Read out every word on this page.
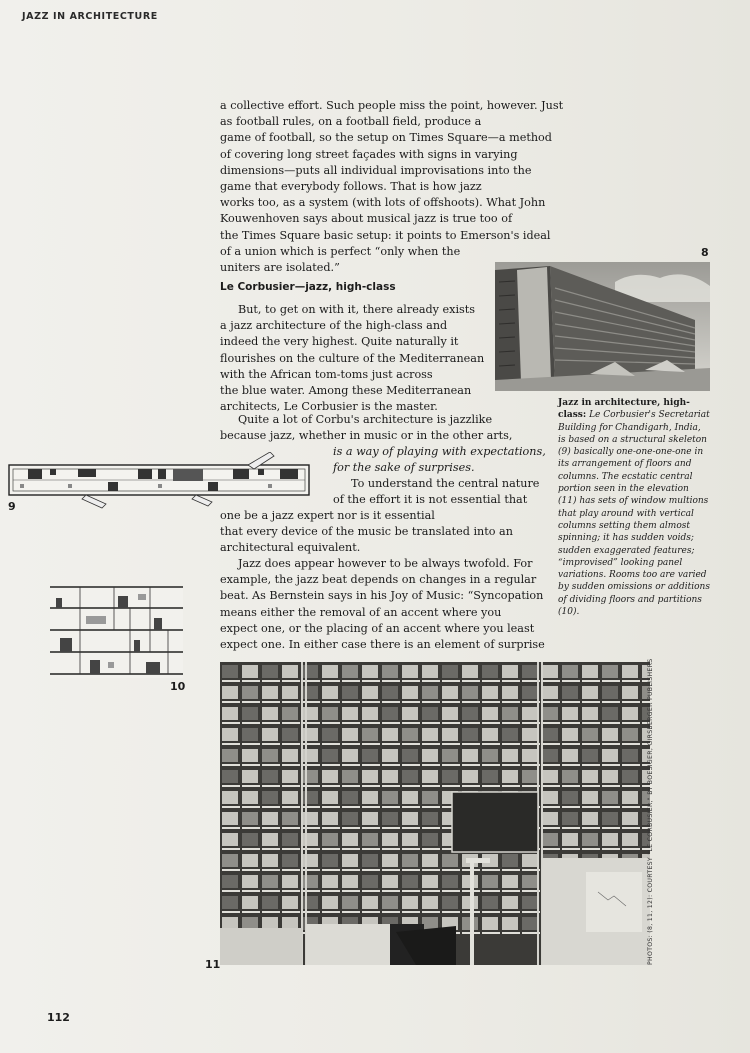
JAZZ IN ARCHITECTURE
a collective effort. Such people miss the point, however. Just
as football rules, on a football field, produce a
game of football, so the setup on Times Square—a method
of covering long street façades with signs in varying
dimensions—puts all individual improvisations into the
game that everybody follows. That is how jazz
works too, as a system (with lots of offshoots). What John
Kouwenhoven says about musical jazz is true too of
the Times Square basic setup: it points to Emerson's ideal
of a union which is perfect “only when the
uniters are isolated.”
Le Corbusier—jazz, high-class
But, to get on with it, there already exists
a jazz architecture of the high-class and
indeed the very highest. Quite naturally it
flourishes on the culture of the Mediterranean
with the African tom-toms just across
the blue water. Among these Mediterranean
architects, Le Corbusier is the master.
Quite a lot of Corbu's architecture is jazzlike
because jazz, whether in music or in the other arts,
is a way of playing with expectations,
for the sake of surprises.
To understand the central nature
of the effort it is not essential that
one be a jazz expert nor is it essential
that every device of the music be translated into an
architectural equivalent.
Jazz does appear however to be always twofold. For
example, the jazz beat depends on changes in a regular
beat. As Bernstein says in his Joy of Music: “Syncopation
means either the removal of an accent where you
expect one, or the placing of an accent where you least
expect one. In either case there is an element of surprise
8
9
10
Jazz in architecture, high-class: Le Corbusier's Secretariat Building for Chandigarh, India, is based on a structural skeleton (9) basically one-one-one-one in its arrangement of floors and columns. The ecstatic central portion seen in the elevation (11) has sets of window multions that play around with vertical columns setting them almost spinning; it has sudden voids; sudden exaggerated features; “improvised” looking panel variations. Rooms too are varied by sudden omissions or additions of dividing floors and partitions (10).
11	PHOTOS: (8, 11, 12): COURTESY "LE CORBUSIER," BY BOESIGER, GIRSBERGER PUBLISHERS
112
